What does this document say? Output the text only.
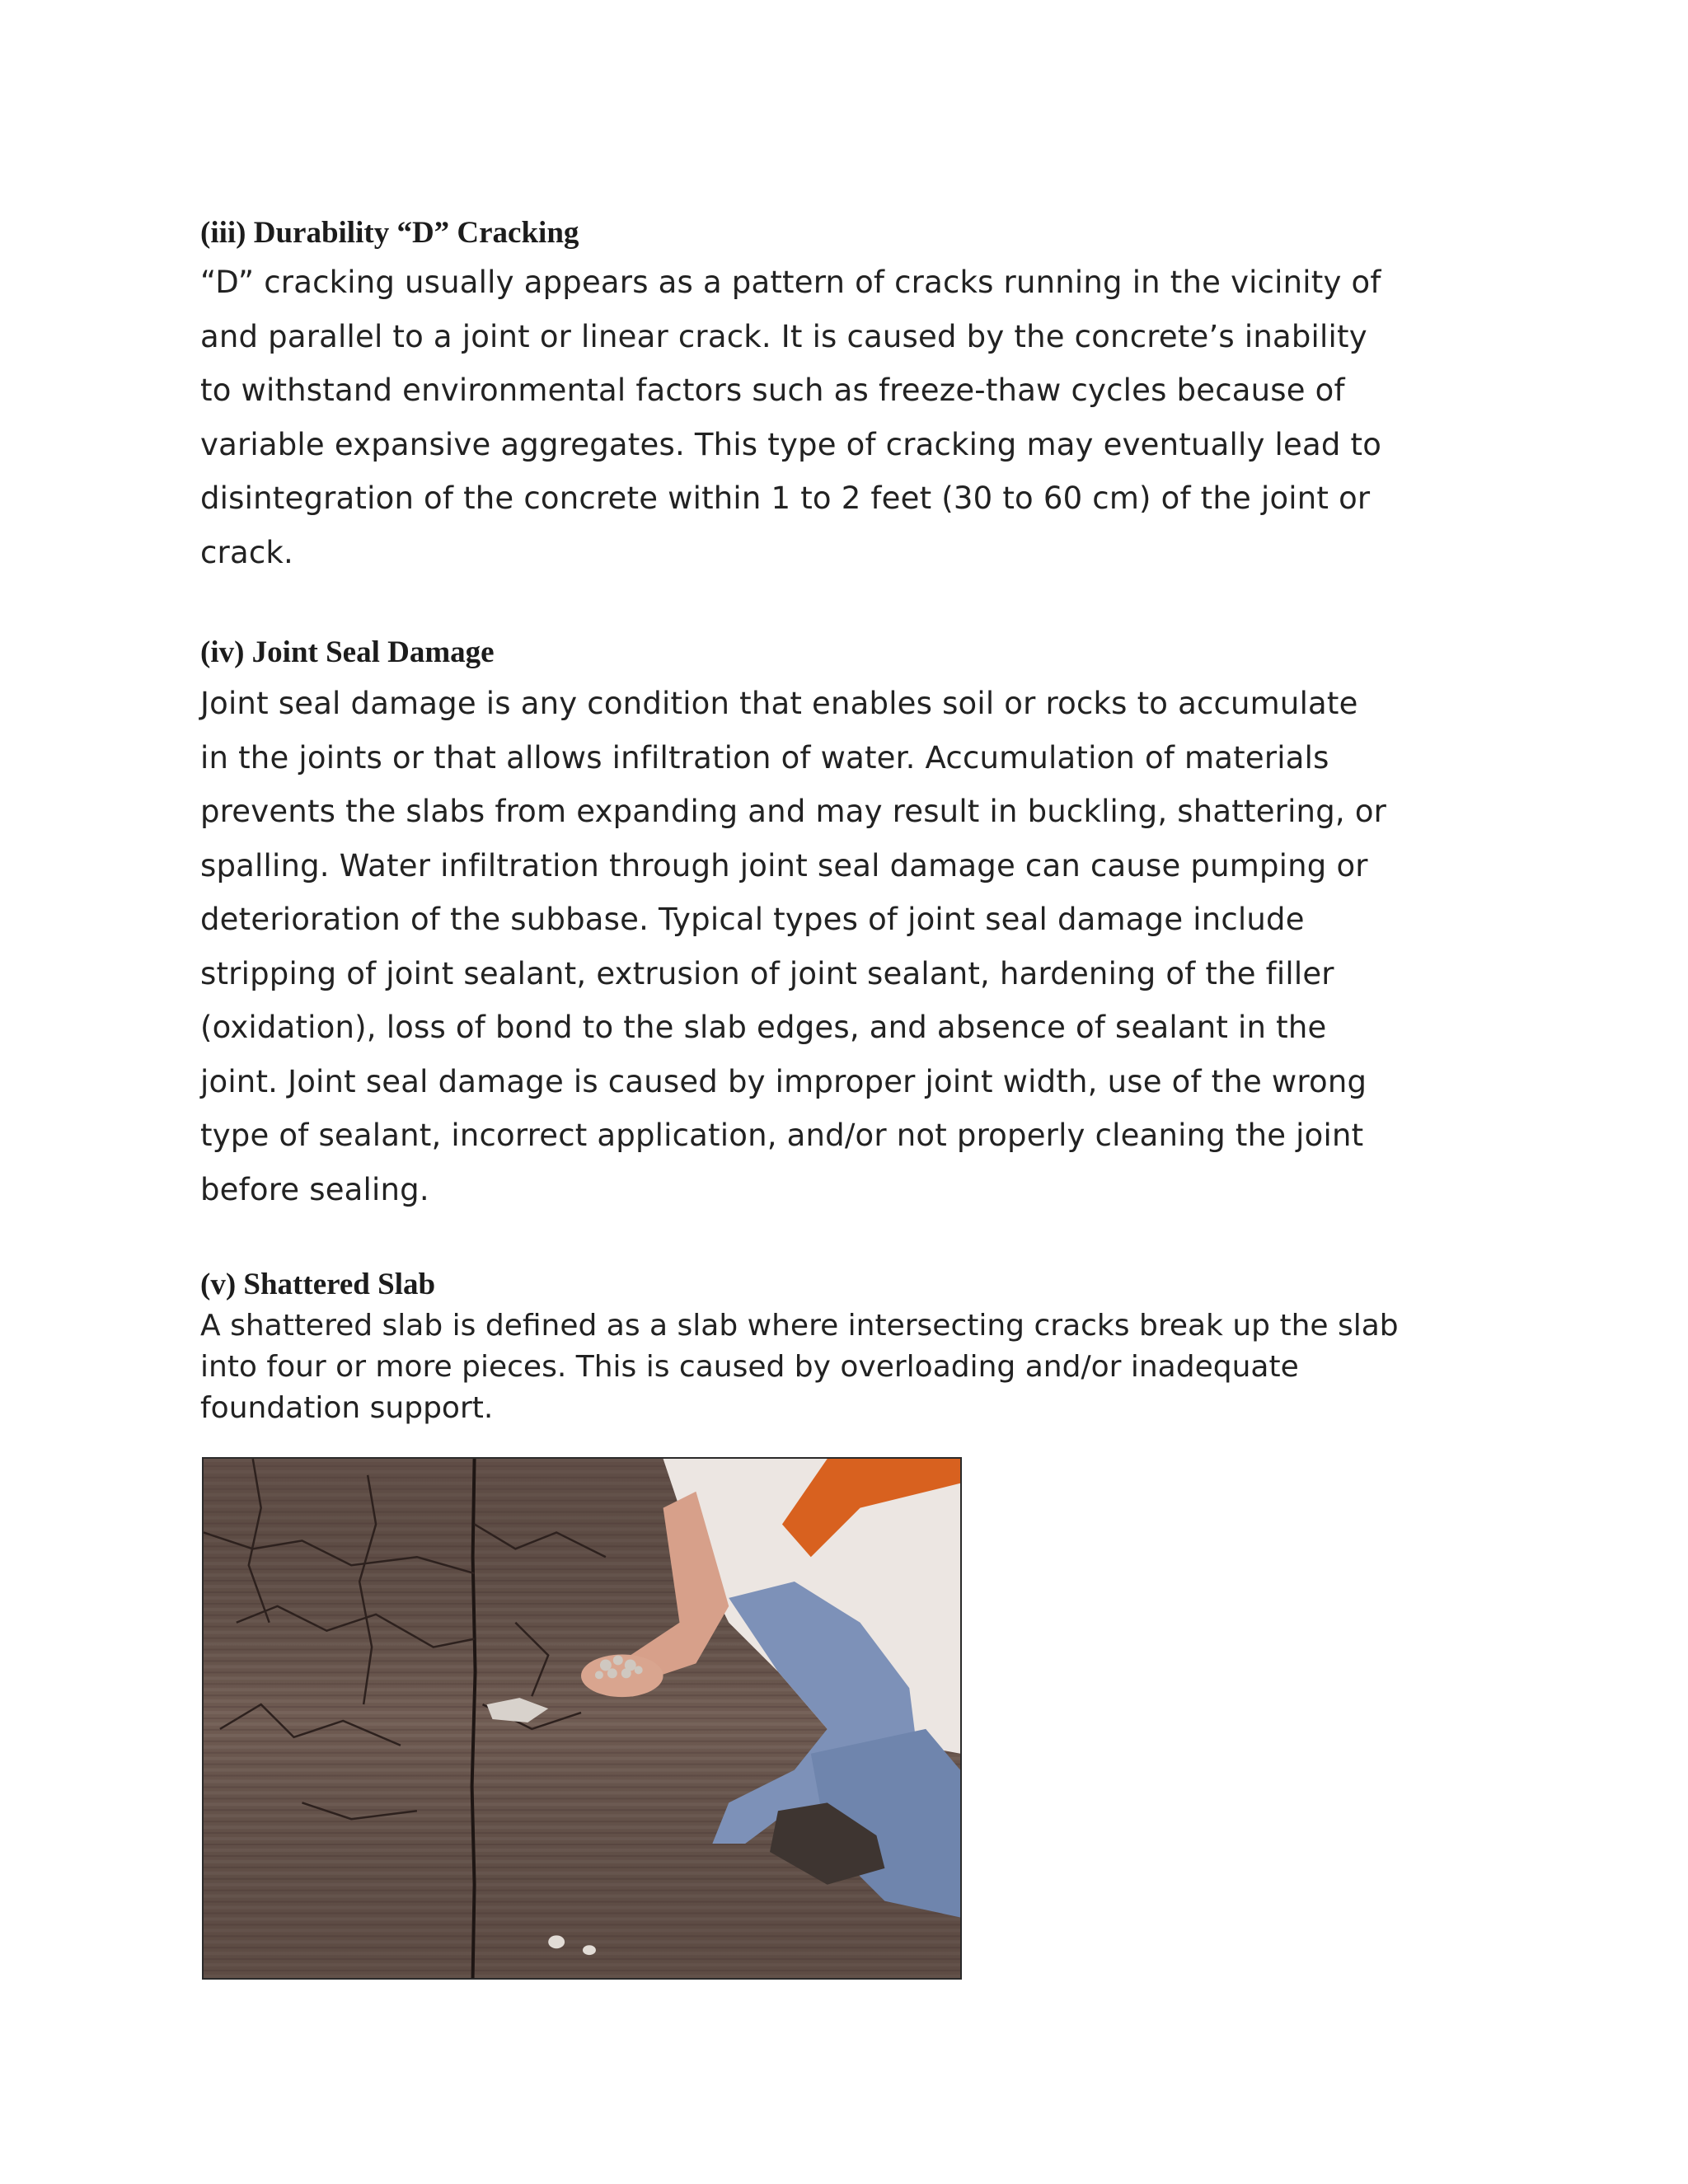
(iii) Durability “D” Cracking

“D” cracking usually appears as a pattern of cracks running in the vicinity of

and parallel to a joint or linear crack. It is caused by the concrete’s inability

to withstand environmental factors such as freeze-thaw cycles because of

variable expansive aggregates. This type of cracking may eventually lead to

disintegration of the concrete within 1 to 2 feet (30 to 60 cm) of the joint or

crack.

(iv) Joint Seal Damage

Joint seal damage is any condition that enables soil or rocks to accumulate

in the joints or that allows infiltration of water. Accumulation of materials

prevents the slabs from expanding and may result in buckling, shattering, or

spalling. Water infiltration through joint seal damage can cause pumping or

deterioration of the subbase. Typical types of joint seal damage include

stripping of joint sealant, extrusion of joint sealant, hardening of the filler

(oxidation), loss of bond to the slab edges, and absence of sealant in the

joint. Joint seal damage is caused by improper joint width, use of the wrong

type of sealant, incorrect application, and/or not properly cleaning the joint

before sealing.

(v) Shattered Slab

A shattered slab is defined as a slab where intersecting cracks break up the slab

into four or more pieces. This is caused by overloading and/or inadequate

foundation support.
